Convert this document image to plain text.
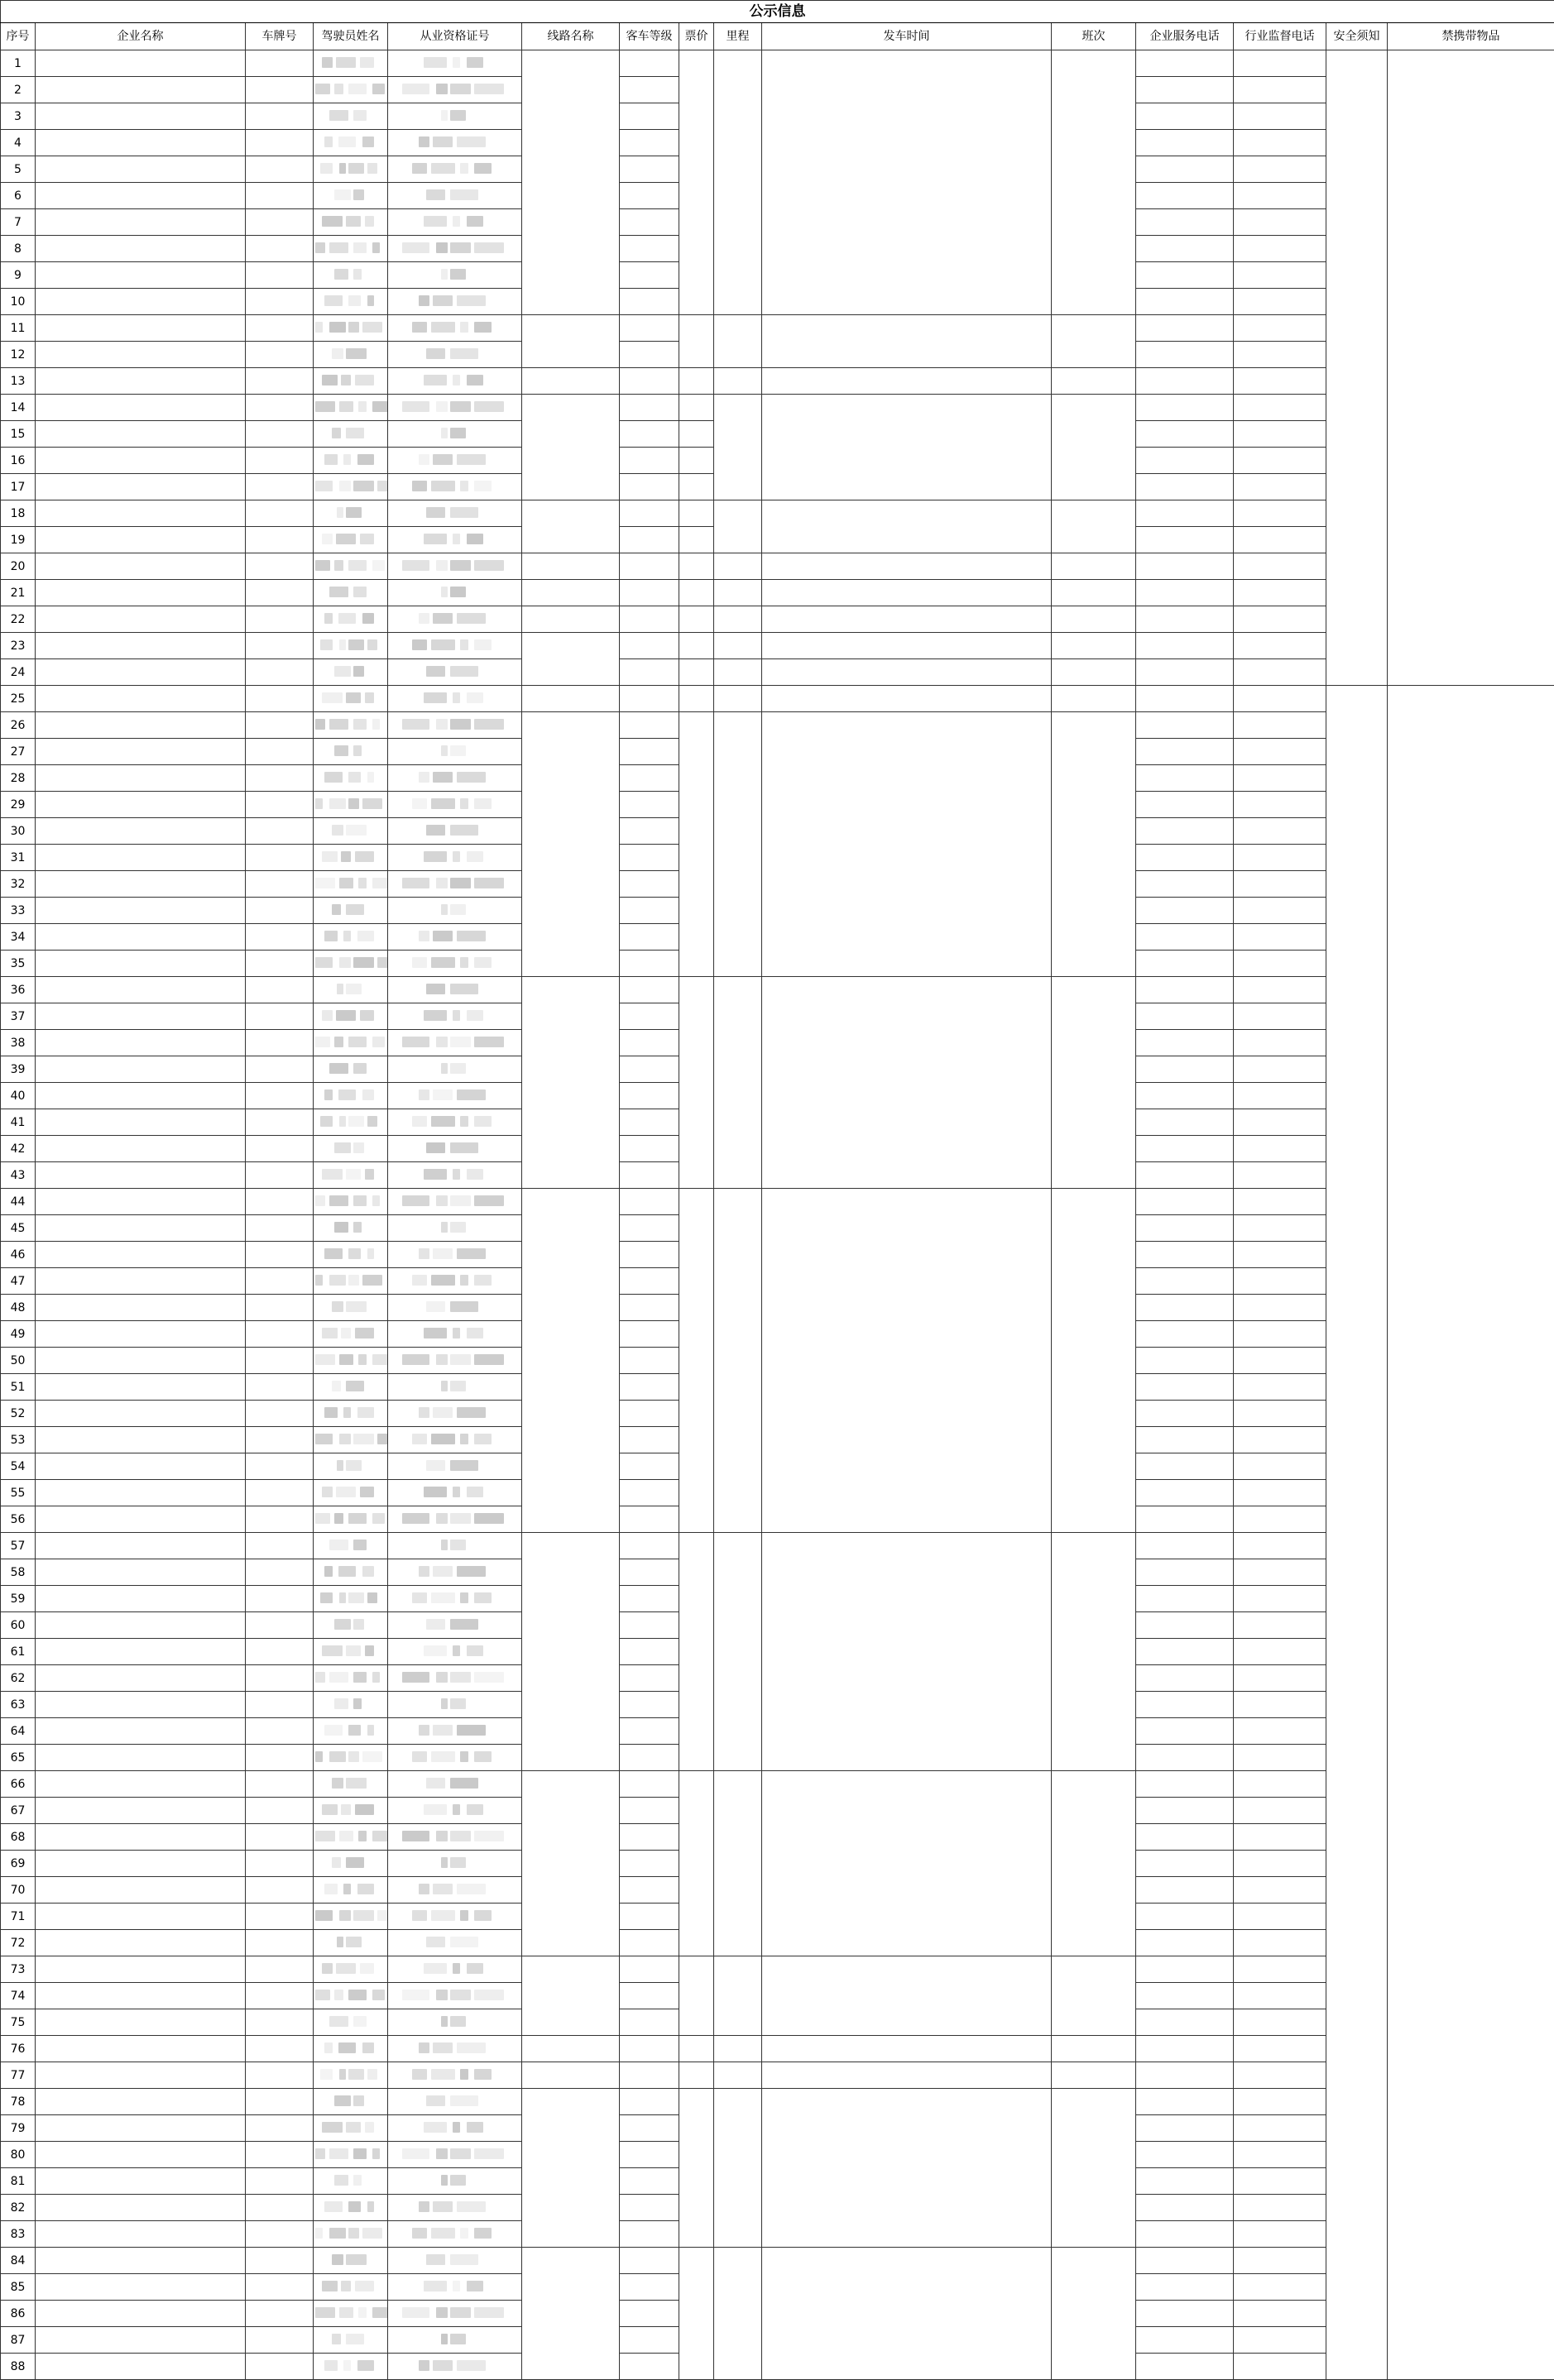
公示信息														
序号	企业名称	车牌号	驾驶员姓名	从业资格证号	线路名称	客车等级	票价	里程	发车时间	班次	企业服务电话	行业监督电话	安全须知	禁携带物品
1														
2														
3														
4														
5														
6														
7														
8														
9														
10														
11														
12														
13														
14														
15														
16														
17														
18														
19														
20														
21														
22														
23														
24														
25														
26														
27														
28														
29														
30														
31														
32														
33														
34														
35														
36														
37														
38														
39														
40														
41														
42														
43														
44														
45														
46														
47														
48														
49														
50														
51														
52														
53														
54														
55														
56														
57														
58														
59														
60														
61														
62														
63														
64														
65														
66														
67														
68														
69														
70														
71														
72														
73														
74														
75														
76														
77														
78														
79														
80														
81														
82														
83														
84														
85														
86														
87														
88														
